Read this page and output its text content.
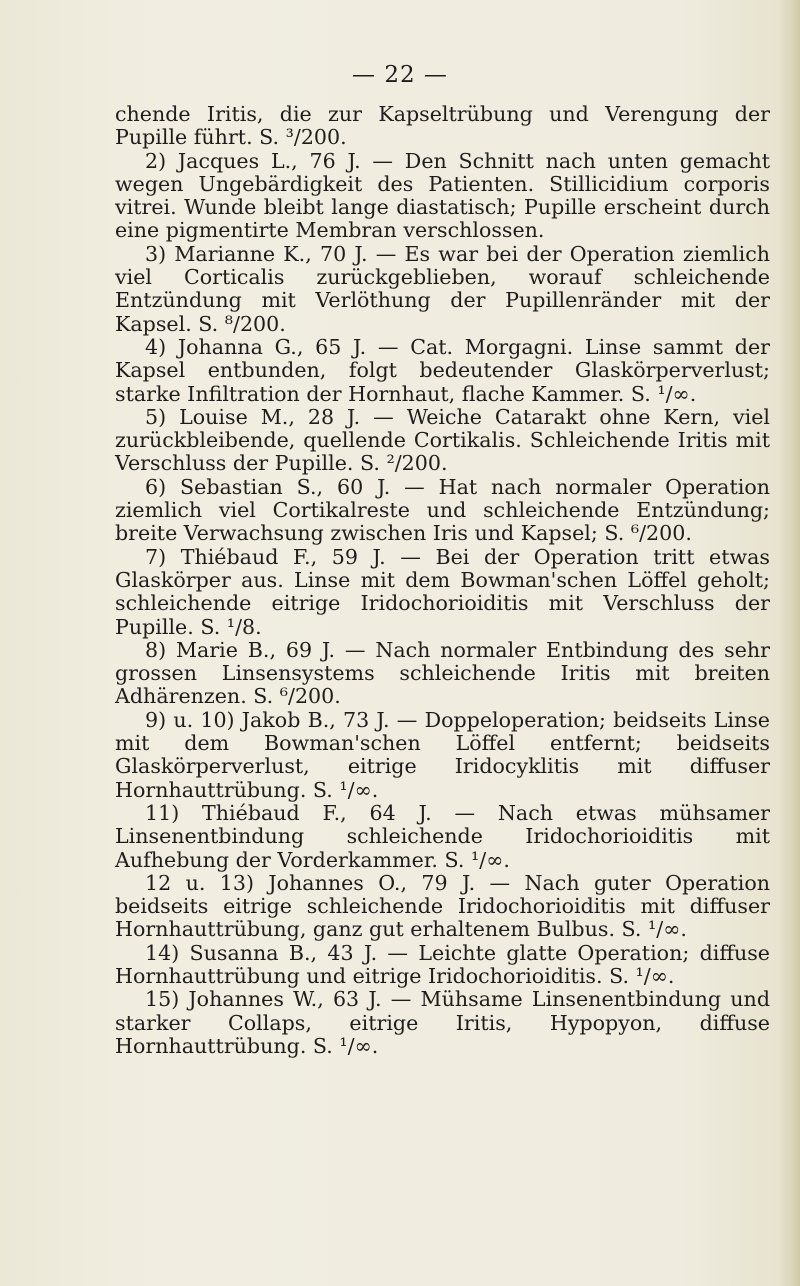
— 22 —

chende Iritis, die zur Kapseltrübung und Verengung der Pupille führt. S. ³/200.

2) Jacques L., 76 J. — Den Schnitt nach unten gemacht wegen Ungebärdigkeit des Patienten. Stillicidium corporis vitrei. Wunde bleibt lange diastatisch; Pupille erscheint durch eine pigmentirte Membran verschlossen.

3) Marianne K., 70 J. — Es war bei der Operation ziemlich viel Corticalis zurückgeblieben, worauf schleichende Entzündung mit Verlöthung der Pupillenränder mit der Kapsel. S. ⁸/200.

4) Johanna G., 65 J. — Cat. Morgagni. Linse sammt der Kapsel entbunden, folgt bedeutender Glaskörperverlust; starke Infiltration der Hornhaut, flache Kammer. S. ¹/∞.

5) Louise M., 28 J. — Weiche Catarakt ohne Kern, viel zurückbleibende, quellende Cortikalis. Schleichende Iritis mit Verschluss der Pupille. S. ²/200.

6) Sebastian S., 60 J. — Hat nach normaler Operation ziemlich viel Cortikalreste und schleichende Entzündung; breite Verwachsung zwischen Iris und Kapsel; S. ⁶/200.

7) Thiébaud F., 59 J. — Bei der Operation tritt etwas Glaskörper aus. Linse mit dem Bowman'schen Löffel geholt; schleichende eitrige Iridochorioiditis mit Verschluss der Pupille. S. ¹/8.

8) Marie B., 69 J. — Nach normaler Entbindung des sehr grossen Linsensystems schleichende Iritis mit breiten Adhärenzen. S. ⁶/200.

9) u. 10) Jakob B., 73 J. — Doppeloperation; beidseits Linse mit dem Bowman'schen Löffel entfernt; beidseits Glaskörperverlust, eitrige Iridocyklitis mit diffuser Hornhauttrübung. S. ¹/∞.

11) Thiébaud F., 64 J. — Nach etwas mühsamer Linsenentbindung schleichende Iridochorioiditis mit Aufhebung der Vorderkammer. S. ¹/∞.

12 u. 13) Johannes O., 79 J. — Nach guter Operation beidseits eitrige schleichende Iridochorioiditis mit diffuser Hornhauttrübung, ganz gut erhaltenem Bulbus. S. ¹/∞.

14) Susanna B., 43 J. — Leichte glatte Operation; diffuse Hornhauttrübung und eitrige Iridochorioiditis. S. ¹/∞.

15) Johannes W., 63 J. — Mühsame Linsenentbindung und starker Collaps, eitrige Iritis, Hypopyon, diffuse Hornhauttrübung. S. ¹/∞.
